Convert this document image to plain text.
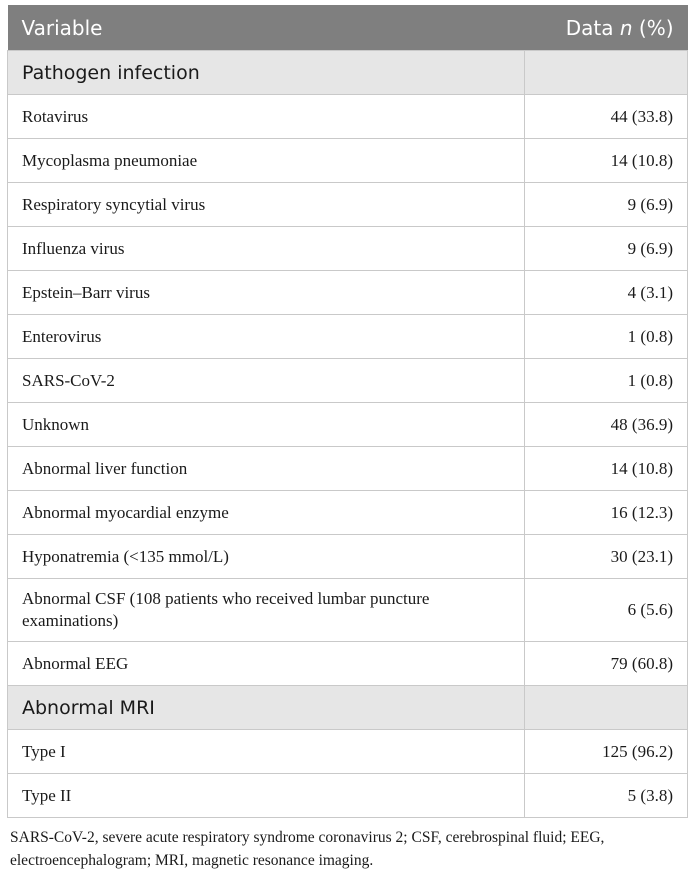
Variable	Data n (%)
Pathogen infection	
Rotavirus	44 (33.8)
Mycoplasma pneumoniae	14 (10.8)
Respiratory syncytial virus	9 (6.9)
Influenza virus	9 (6.9)
Epstein–Barr virus	4 (3.1)
Enterovirus	1 (0.8)
SARS-CoV-2	1 (0.8)
Unknown	48 (36.9)
Abnormal liver function	14 (10.8)
Abnormal myocardial enzyme	16 (12.3)
Hyponatremia (<135 mmol/L)	30 (23.1)
Abnormal CSF (108 patients who received lumbar puncture examinations)	6 (5.6)
Abnormal EEG	79 (60.8)
Abnormal MRI	
Type I	125 (96.2)
Type II	5 (3.8)
SARS-CoV-2, severe acute respiratory syndrome coronavirus 2; CSF, cerebrospinal fluid; EEG, electroencephalogram; MRI, magnetic resonance imaging.
